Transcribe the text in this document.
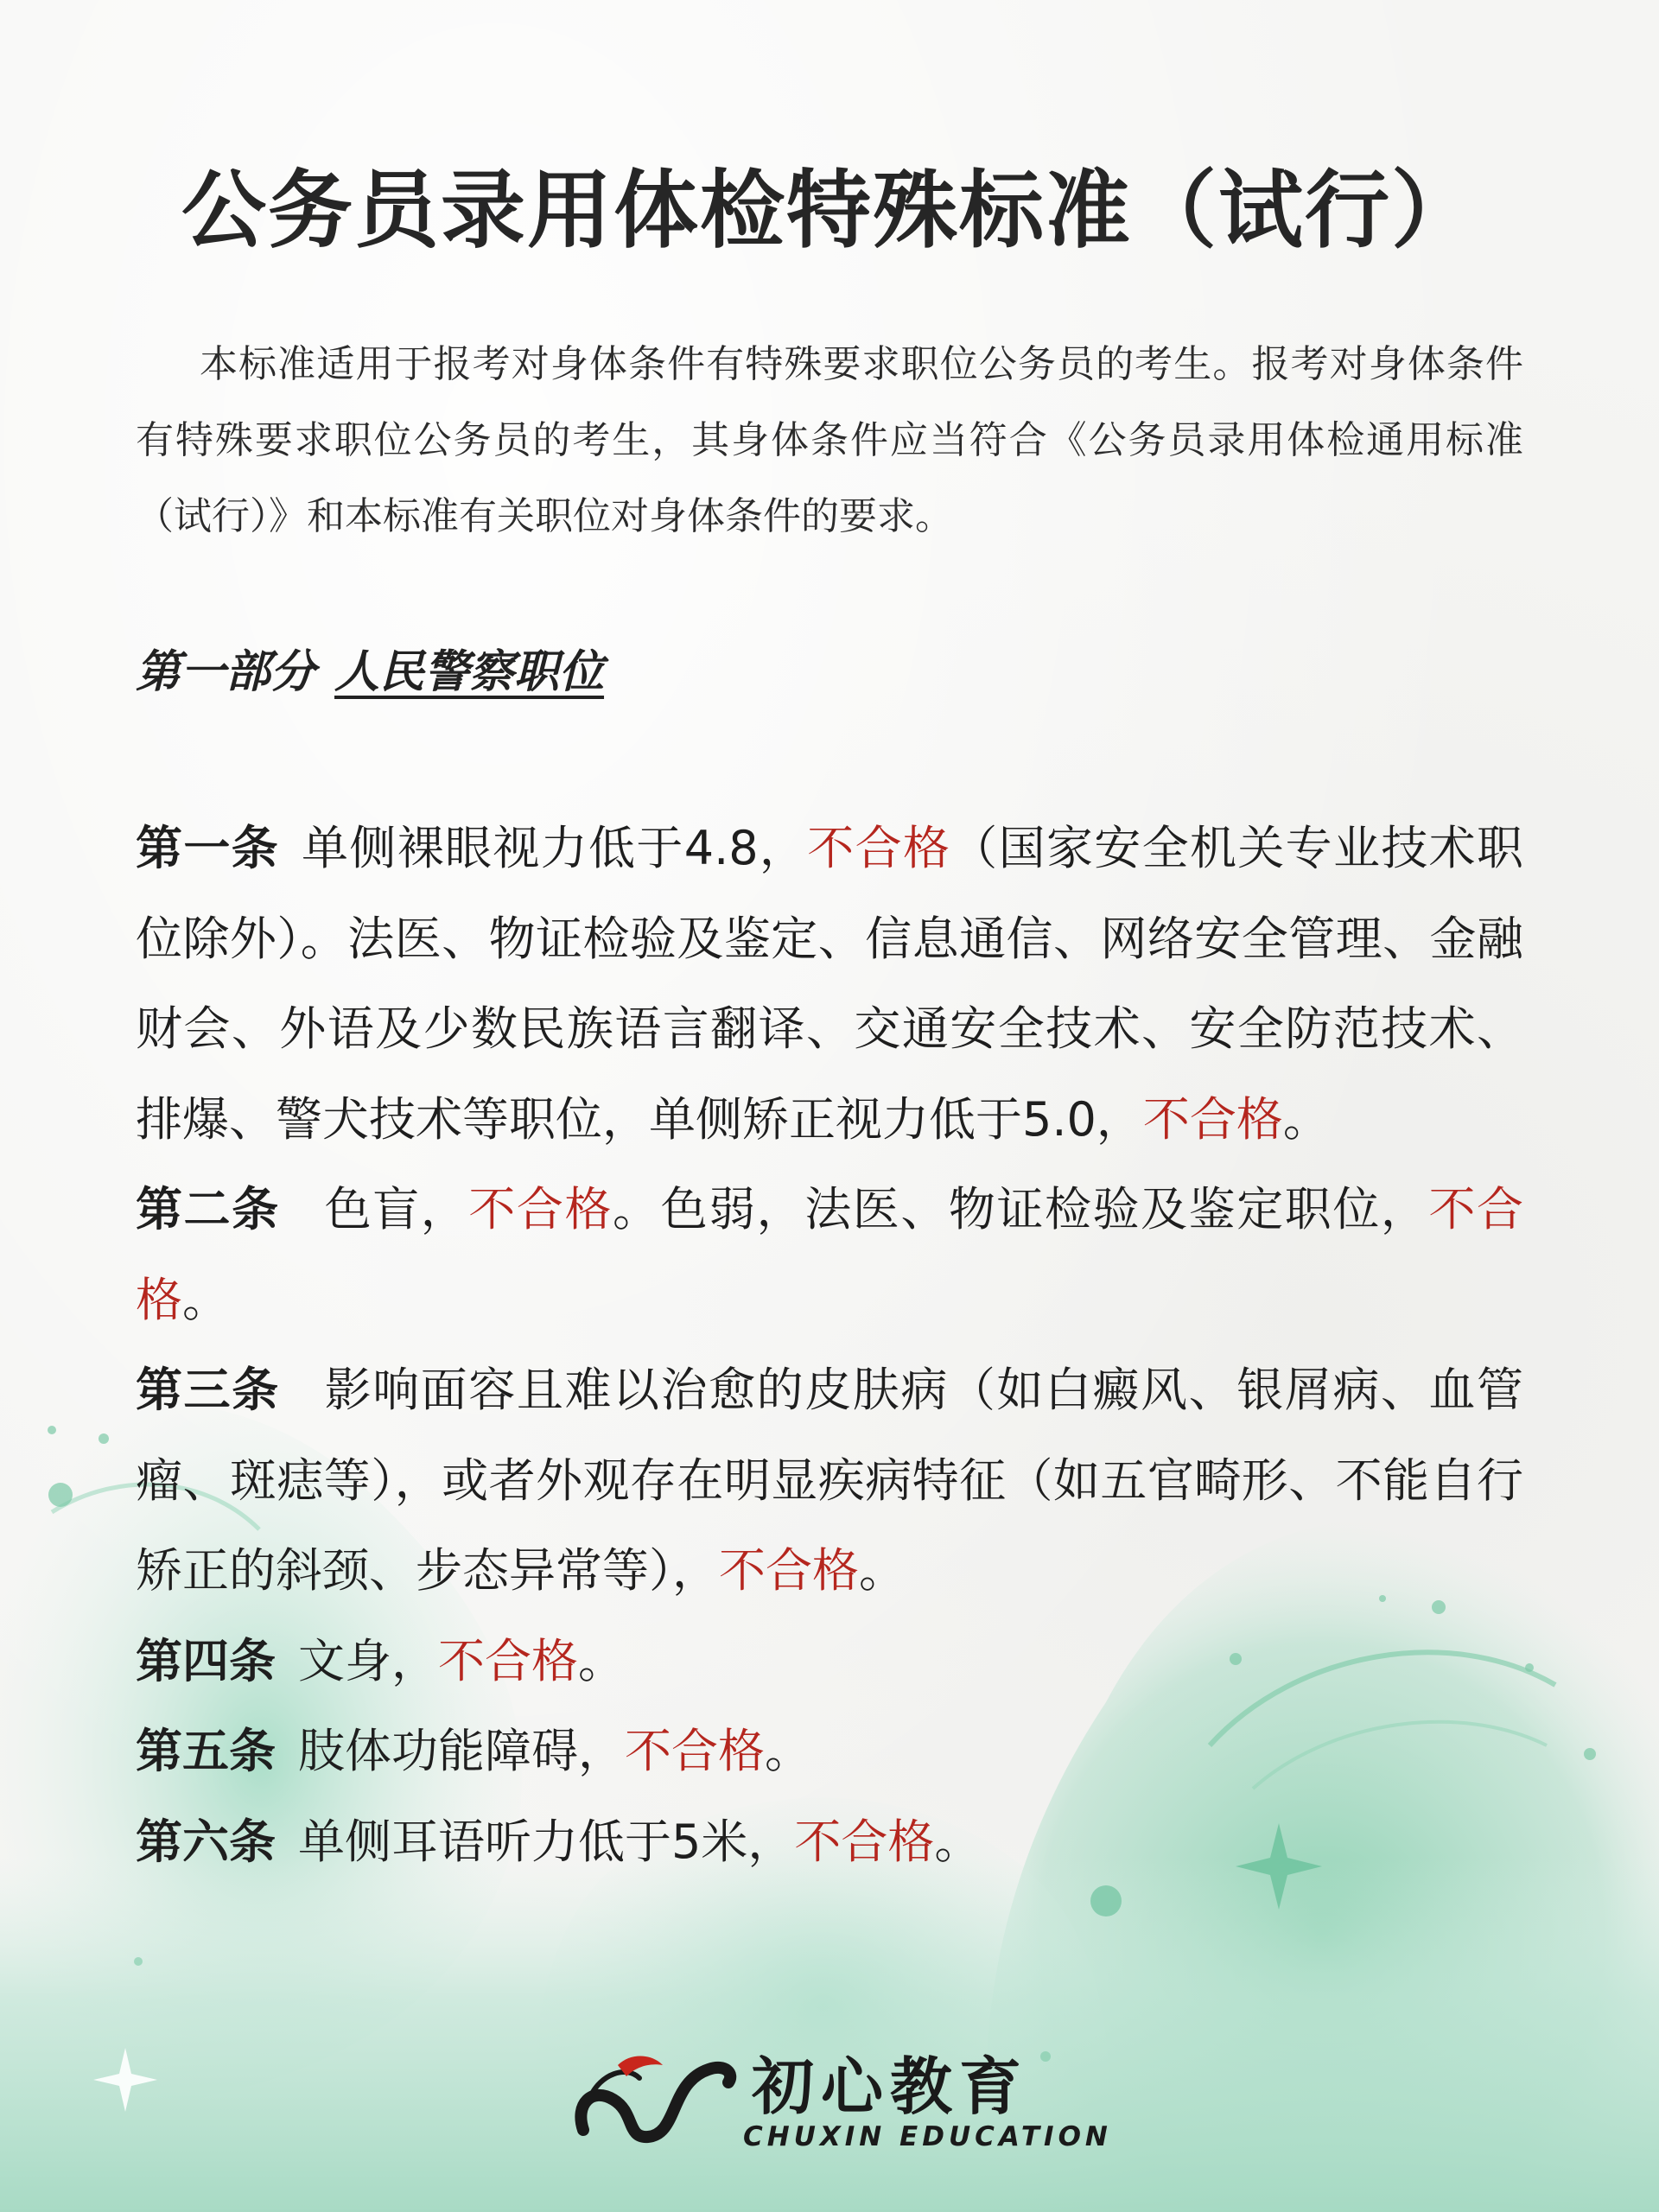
公务员录用体检特殊标准（试行）
本标准适用于报考对身体条件有特殊要求职位公务员的考生。报考对身体条件有特殊要求职位公务员的考生，其身体条件应当符合《公务员录用体检通用标准（试行）》和本标准有关职位对身体条件的要求。
第一部分 人民警察职位

第一条 单侧裸眼视力低于4.8，不合格（国家安全机关专业技术职位除外）。法医、物证检验及鉴定、信息通信、网络安全管理、金融财会、外语及少数民族语言翻译、交通安全技术、安全防范技术、排爆、警犬技术等职位，单侧矫正视力低于5.0，不合格。

第二条 色盲，不合格。色弱，法医、物证检验及鉴定职位，不合格。

第三条 影响面容且难以治愈的皮肤病（如白癜风、银屑病、血管瘤、斑痣等），或者外观存在明显疾病特征（如五官畸形、不能自行矫正的斜颈、步态异常等），不合格。

第四条 文身，不合格。

第五条 肢体功能障碍，不合格。

第六条 单侧耳语听力低于5米，不合格。

初心教育
CHUXIN EDUCATION
